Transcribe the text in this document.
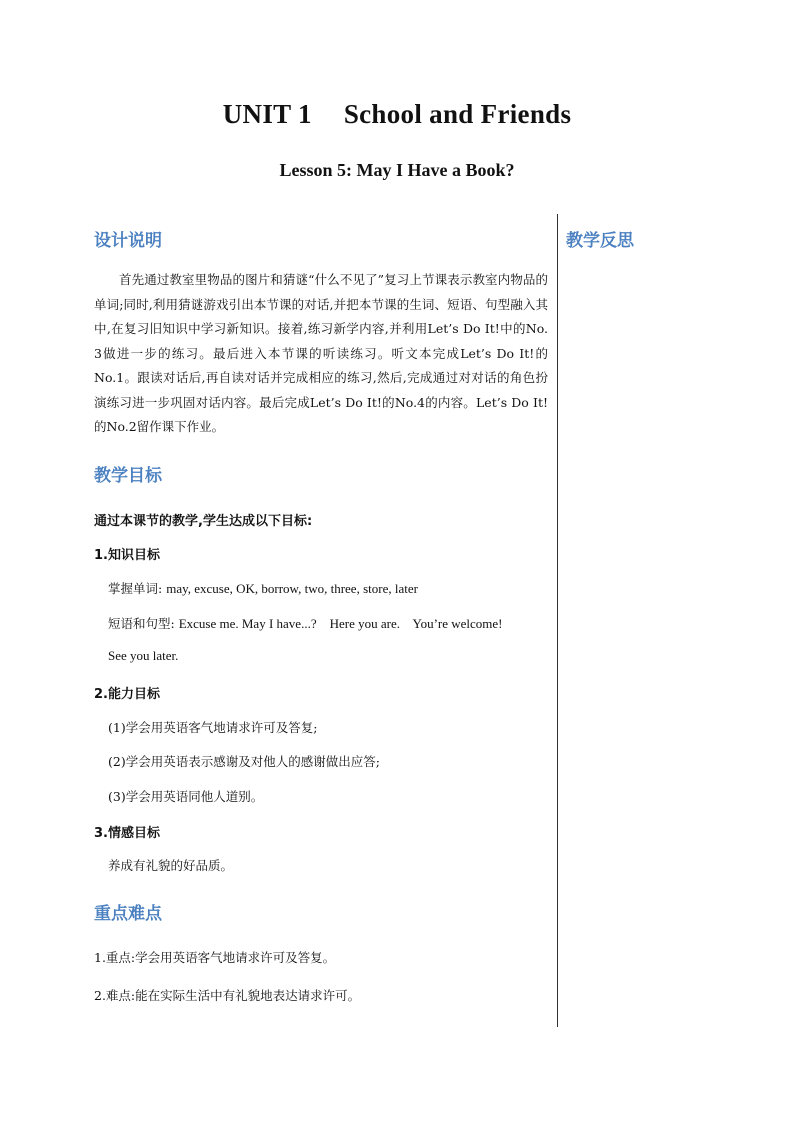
UNIT 1 School and Friends
Lesson 5: May I Have a Book?
教学反思
设计说明
首先通过教室里物品的图片和猜谜“什么不见了”复习上节课表示教室内物品的单词;同时,利用猜谜游戏引出本节课的对话,并把本节课的生词、短语、句型融入其中,在复习旧知识中学习新知识。接着,练习新学内容,并利用Let’s Do It!中的No. 3做进一步的练习。最后进入本节课的听读练习。听文本完成Let’s Do It!的No.1。跟读对话后,再自读对话并完成相应的练习,然后,完成通过对对话的角色扮演练习进一步巩固对话内容。最后完成Let’s Do It!的No.4的内容。Let’s Do It!的No.2留作课下作业。
教学目标
通过本课节的教学,学生达成以下目标:
1.知识目标
掌握单词: may, excuse, OK, borrow, two, three, store, later
短语和句型: Excuse me. May I have...?    Here you are.    You’re welcome!
See you later.
2.能力目标
(1)学会用英语客气地请求许可及答复;
(2)学会用英语表示感谢及对他人的感谢做出应答;
(3)学会用英语同他人道别。
3.情感目标
养成有礼貌的好品质。
重点难点
1.重点:学会用英语客气地请求许可及答复。
2.难点:能在实际生活中有礼貌地表达请求许可。
